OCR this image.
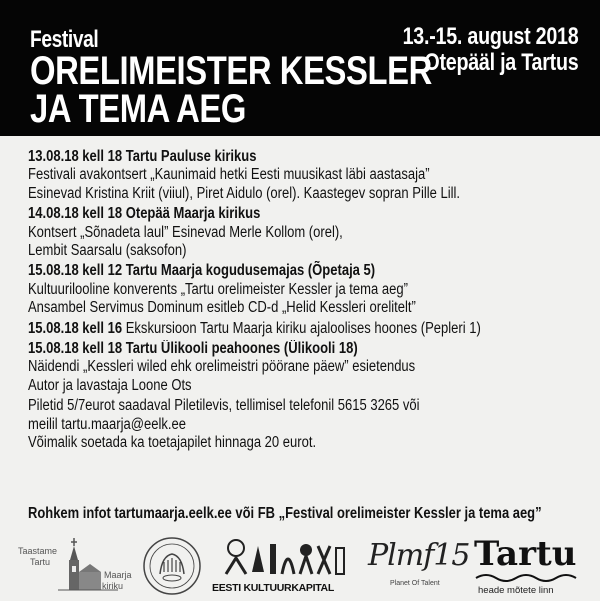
Festival
ORELIMEISTER KESSLER
JA TEMA AEG
13.-15. august 2018
Otepääl ja Tartus
13.08.18 kell 18 Tartu Pauluse kirikus
Festivali avakontsert „Kaunimaid hetki Eesti muusikast läbi aastasaja”
Esinevad Kristina Kriit (viiul), Piret Aidulo (orel). Kaastegev sopran Pille Lill.
14.08.18 kell 18 Otepää Maarja kirikus
Kontsert „Sõnadeta laul” Esinevad Merle Kollom (orel),
Lembit Saarsalu (saksofon)
15.08.18 kell 12 Tartu Maarja kogudusemajas (Õpetaja 5)
Kultuurilooline konverents „Tartu orelimeister Kessler ja tema aeg”
Ansambel Servimus Dominum esitleb CD-d „Helid Kessleri orelitelt”
15.08.18 kell 16 Ekskursioon Tartu Maarja kiriku ajaloolises hoones (Pepleri 1)
15.08.18 kell 18 Tartu Ülikooli peahoones (Ülikooli 18)
Näidendi „Kessleri wiled ehk orelimeistri pöörane päew” esietendus
Autor ja lavastaja Loone Ots
Piletid 5/7eurot saadaval Piletilevis, tellimisel telefonil 5615 3265 või
meilil tartu.maarja@eelk.ee
Võimalik soetada ka toetajapilet hinnaga 20 eurot.
Rohkem infot tartumaarja.eelk.ee või FB „Festival orelimeister Kessler ja tema aeg”
Taastame
Tartu
Maarja
kiriku	EESTI KULTUURKAPITAL
Plmf15
Planet Of Talent
Tartu
heade mõtete linn
